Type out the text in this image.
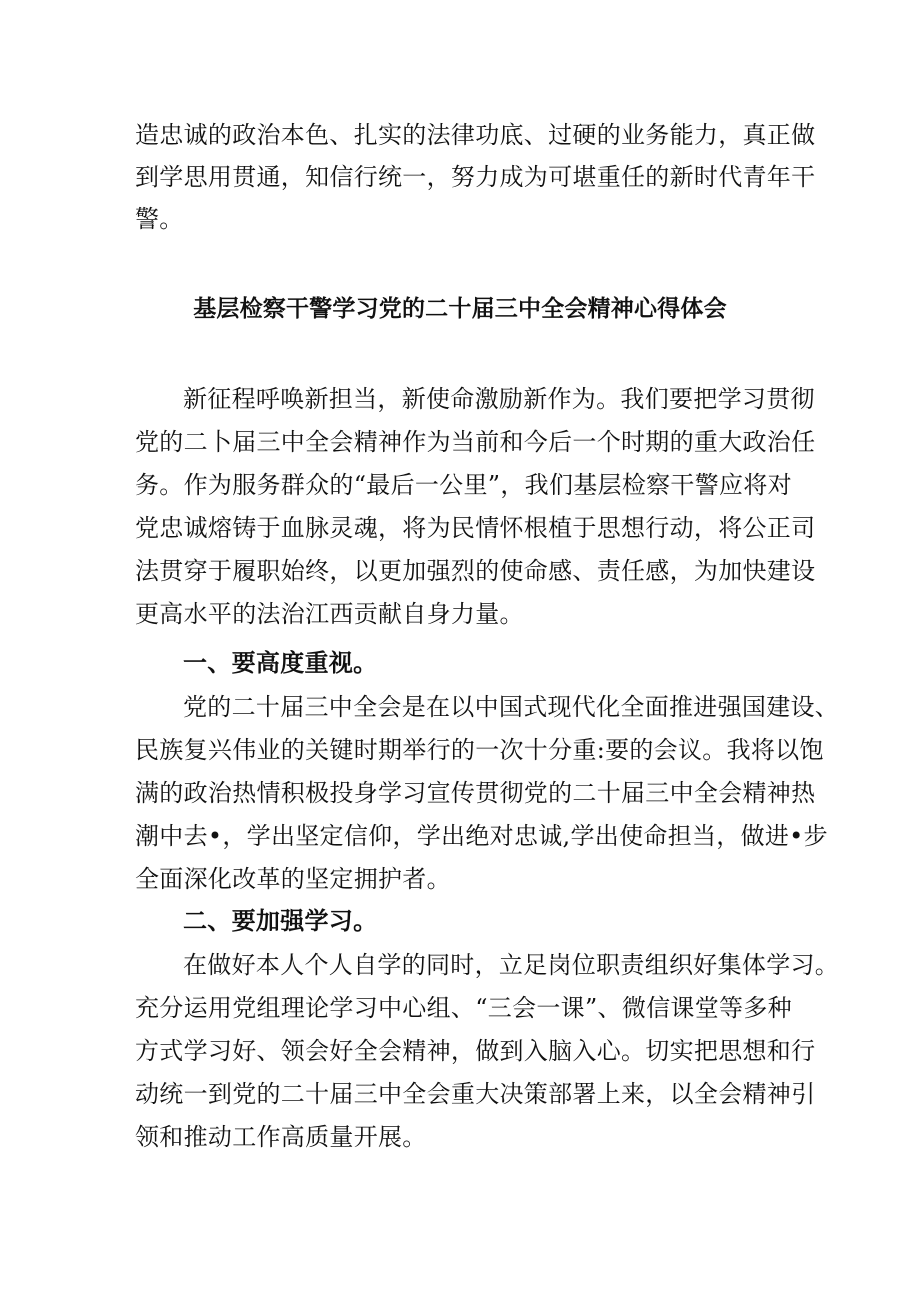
造忠诚的政治本色、扎实的法律功底、过硬的业务能力，真正做
到学思用贯通，知信行统一，努力成为可堪重任的新时代青年干
警。
基层检察干警学习党的二十届三中全会精神心得体会
新征程呼唤新担当，新使命激励新作为。我们要把学习贯彻
党的二卜届三中全会精神作为当前和今后一个时期的重大政治任
务。作为服务群众的“最后一公里”，我们基层检察干警应将对
党忠诚熔铸于血脉灵魂，将为民情怀根植于思想行动，将公正司
法贯穿于履职始终，以更加强烈的使命感、责任感，为加快建设
更高水平的法治江西贡献自身力量。
一、要高度重视。
党的二十届三中全会是在以中国式现代化全面推进强国建设、
民族复兴伟业的关键时期举行的一次十分重:要的会议。我将以饱
满的政治热情积极投身学习宣传贯彻党的二十届三中全会精神热
潮中去•，学出坚定信仰，学出绝对忠诚,学出使命担当，做进•步
全面深化改革的坚定拥护者。
二、要加强学习。
在做好本人个人自学的同时，立足岗位职责组织好集体学习。
充分运用党组理论学习中心组、“三会一课”、微信课堂等多种
方式学习好、领会好全会精神，做到入脑入心。切实把思想和行
动统一到党的二十届三中全会重大决策部署上来，以全会精神引
领和推动工作高质量开展。
